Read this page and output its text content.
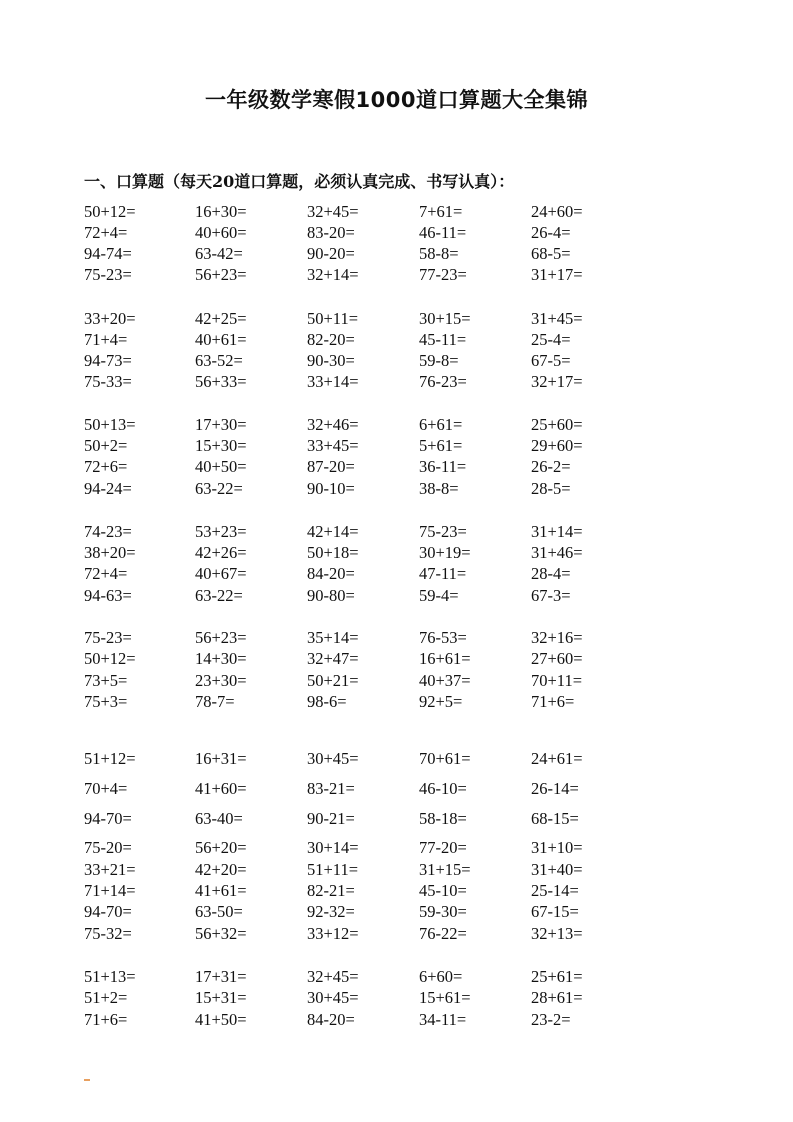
一年级数学寒假1000道口算题大全集锦
一、口算题（每天20道口算题，必须认真完成、书写认真）：
50+12=	16+30=	32+45=	7+61=	24+60=
72+4=	40+60=	83-20=	46-11=	26-4=
94-74=	63-42=	90-20=	58-8=	68-5=
75-23=	56+23=	32+14=	77-23=	31+17=
33+20=	42+25=	50+11=	30+15=	31+45=
71+4=	40+61=	82-20=	45-11=	25-4=
94-73=	63-52=	90-30=	59-8=	67-5=
75-33=	56+33=	33+14=	76-23=	32+17=
50+13=	17+30=	32+46=	6+61=	25+60=
50+2=	15+30=	33+45=	5+61=	29+60=
72+6=	40+50=	87-20=	36-11=	26-2=
94-24=	63-22=	90-10=	38-8=	28-5=
74-23=	53+23=	42+14=	75-23=	31+14=
38+20=	42+26=	50+18=	30+19=	31+46=
72+4=	40+67=	84-20=	47-11=	28-4=
94-63=	63-22=	90-80=	59-4=	67-3=
75-23=	56+23=	35+14=	76-53=	32+16=
50+12=	14+30=	32+47=	16+61=	27+60=
73+5=	23+30=	50+21=	40+37=	70+11=
75+3=	78-7=	98-6=	92+5=	71+6=
51+12=	16+31=	30+45=	70+61=	24+61=
70+4=	41+60=	83-21=	46-10=	26-14=
94-70=	63-40=	90-21=	58-18=	68-15=
75-20=	56+20=	30+14=	77-20=	31+10=
33+21=	42+20=	51+11=	31+15=	31+40=
71+14=	41+61=	82-21=	45-10=	25-14=
94-70=	63-50=	92-32=	59-30=	67-15=
75-32=	56+32=	33+12=	76-22=	32+13=
51+13=	17+31=	32+45=	6+60=	25+61=
51+2=	15+31=	30+45=	15+61=	28+61=
71+6=	41+50=	84-20=	34-11=	23-2=
